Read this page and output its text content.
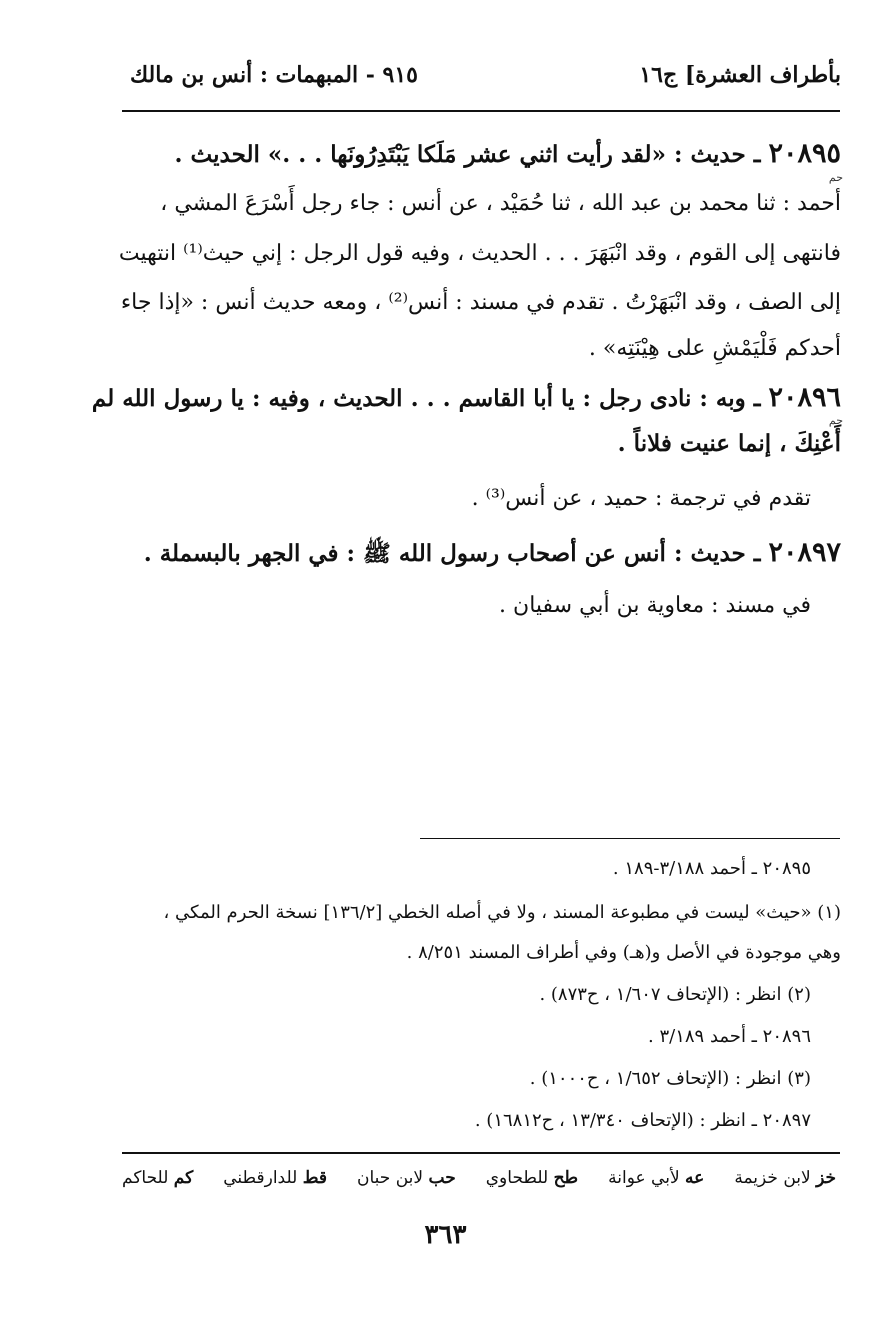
بأطراف العشرة] ج١٦
٩١٥ - المبهمات : أنس بن مالك
٢٠٨٩٥ ـ حديث : «لقد رأيت اثني عشر مَلَكا يَبْتَدِرُونَها . . .» الحديث .
حم
أحمد : ثنا محمد بن عبد الله ، ثنا حُمَيْد ، عن أنس : جاء رجل أَسْرَعَ المشي ،
فانتهى إلى القوم ، وقد انْبَهَرَ . . . الحديث ، وفيه قول الرجل : إني حيث⁽¹⁾ انتهيت
إلى الصف ، وقد انْبَهَرْتُ . تقدم في مسند : أنس⁽²⁾ ، ومعه حديث أنس : «إذا جاء
أحدكم فَلْيَمْشِ على هِيْنَتِه» .
٢٠٨٩٦ ـ وبه : نادى رجل : يا أبا القاسم . . . الحديث ، وفيه : يا رسول الله لم
حم
أَعْنِكَ ، إنما عنيت فلاناً .
تقدم في ترجمة : حميد ، عن أنس⁽³⁾ .
٢٠٨٩٧ ـ حديث : أنس عن أصحاب رسول الله ﷺ : في الجهر بالبسملة .
في مسند : معاوية بن أبي سفيان .
٢٠٨٩٥ ـ أحمد ٣/١٨٨-١٨٩ .
(١) «حيث» ليست في مطبوعة المسند ، ولا في أصله الخطي [١٣٦/٢] نسخة الحرم المكي ،
وهي موجودة في الأصل و(هـ) وفي أطراف المسند ٨/٢٥١ .
(٢) انظر : (الإتحاف ١/٦٠٧ ، ح٨٧٣) .
٢٠٨٩٦ ـ أحمد ٣/١٨٩ .
(٣) انظر : (الإتحاف ١/٦٥٢ ، ح١٠٠٠) .
٢٠٨٩٧ ـ انظر : (الإتحاف ١٣/٣٤٠ ، ح١٦٨١٢) .
خز لابن خزيمة
عه لأبي عوانة
طح للطحاوي
حب لابن حبان
قط للدارقطني
كم للحاكم
٣٦٣
